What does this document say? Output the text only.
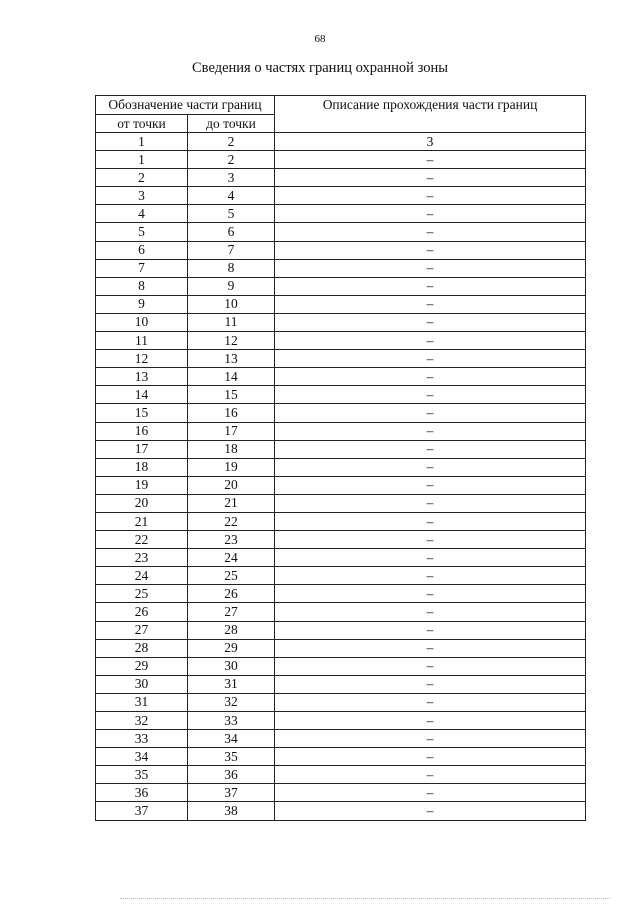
68
Сведения о частях границ охранной зоны
Обозначение части границ		Описание прохождения части границ
от точки	до точки	
1	2	3
1	2	–
2	3	–
3	4	–
4	5	–
5	6	–
6	7	–
7	8	–
8	9	–
9	10	–
10	11	–
11	12	–
12	13	–
13	14	–
14	15	–
15	16	–
16	17	–
17	18	–
18	19	–
19	20	–
20	21	–
21	22	–
22	23	–
23	24	–
24	25	–
25	26	–
26	27	–
27	28	–
28	29	–
29	30	–
30	31	–
31	32	–
32	33	–
33	34	–
34	35	–
35	36	–
36	37	–
37	38	–
